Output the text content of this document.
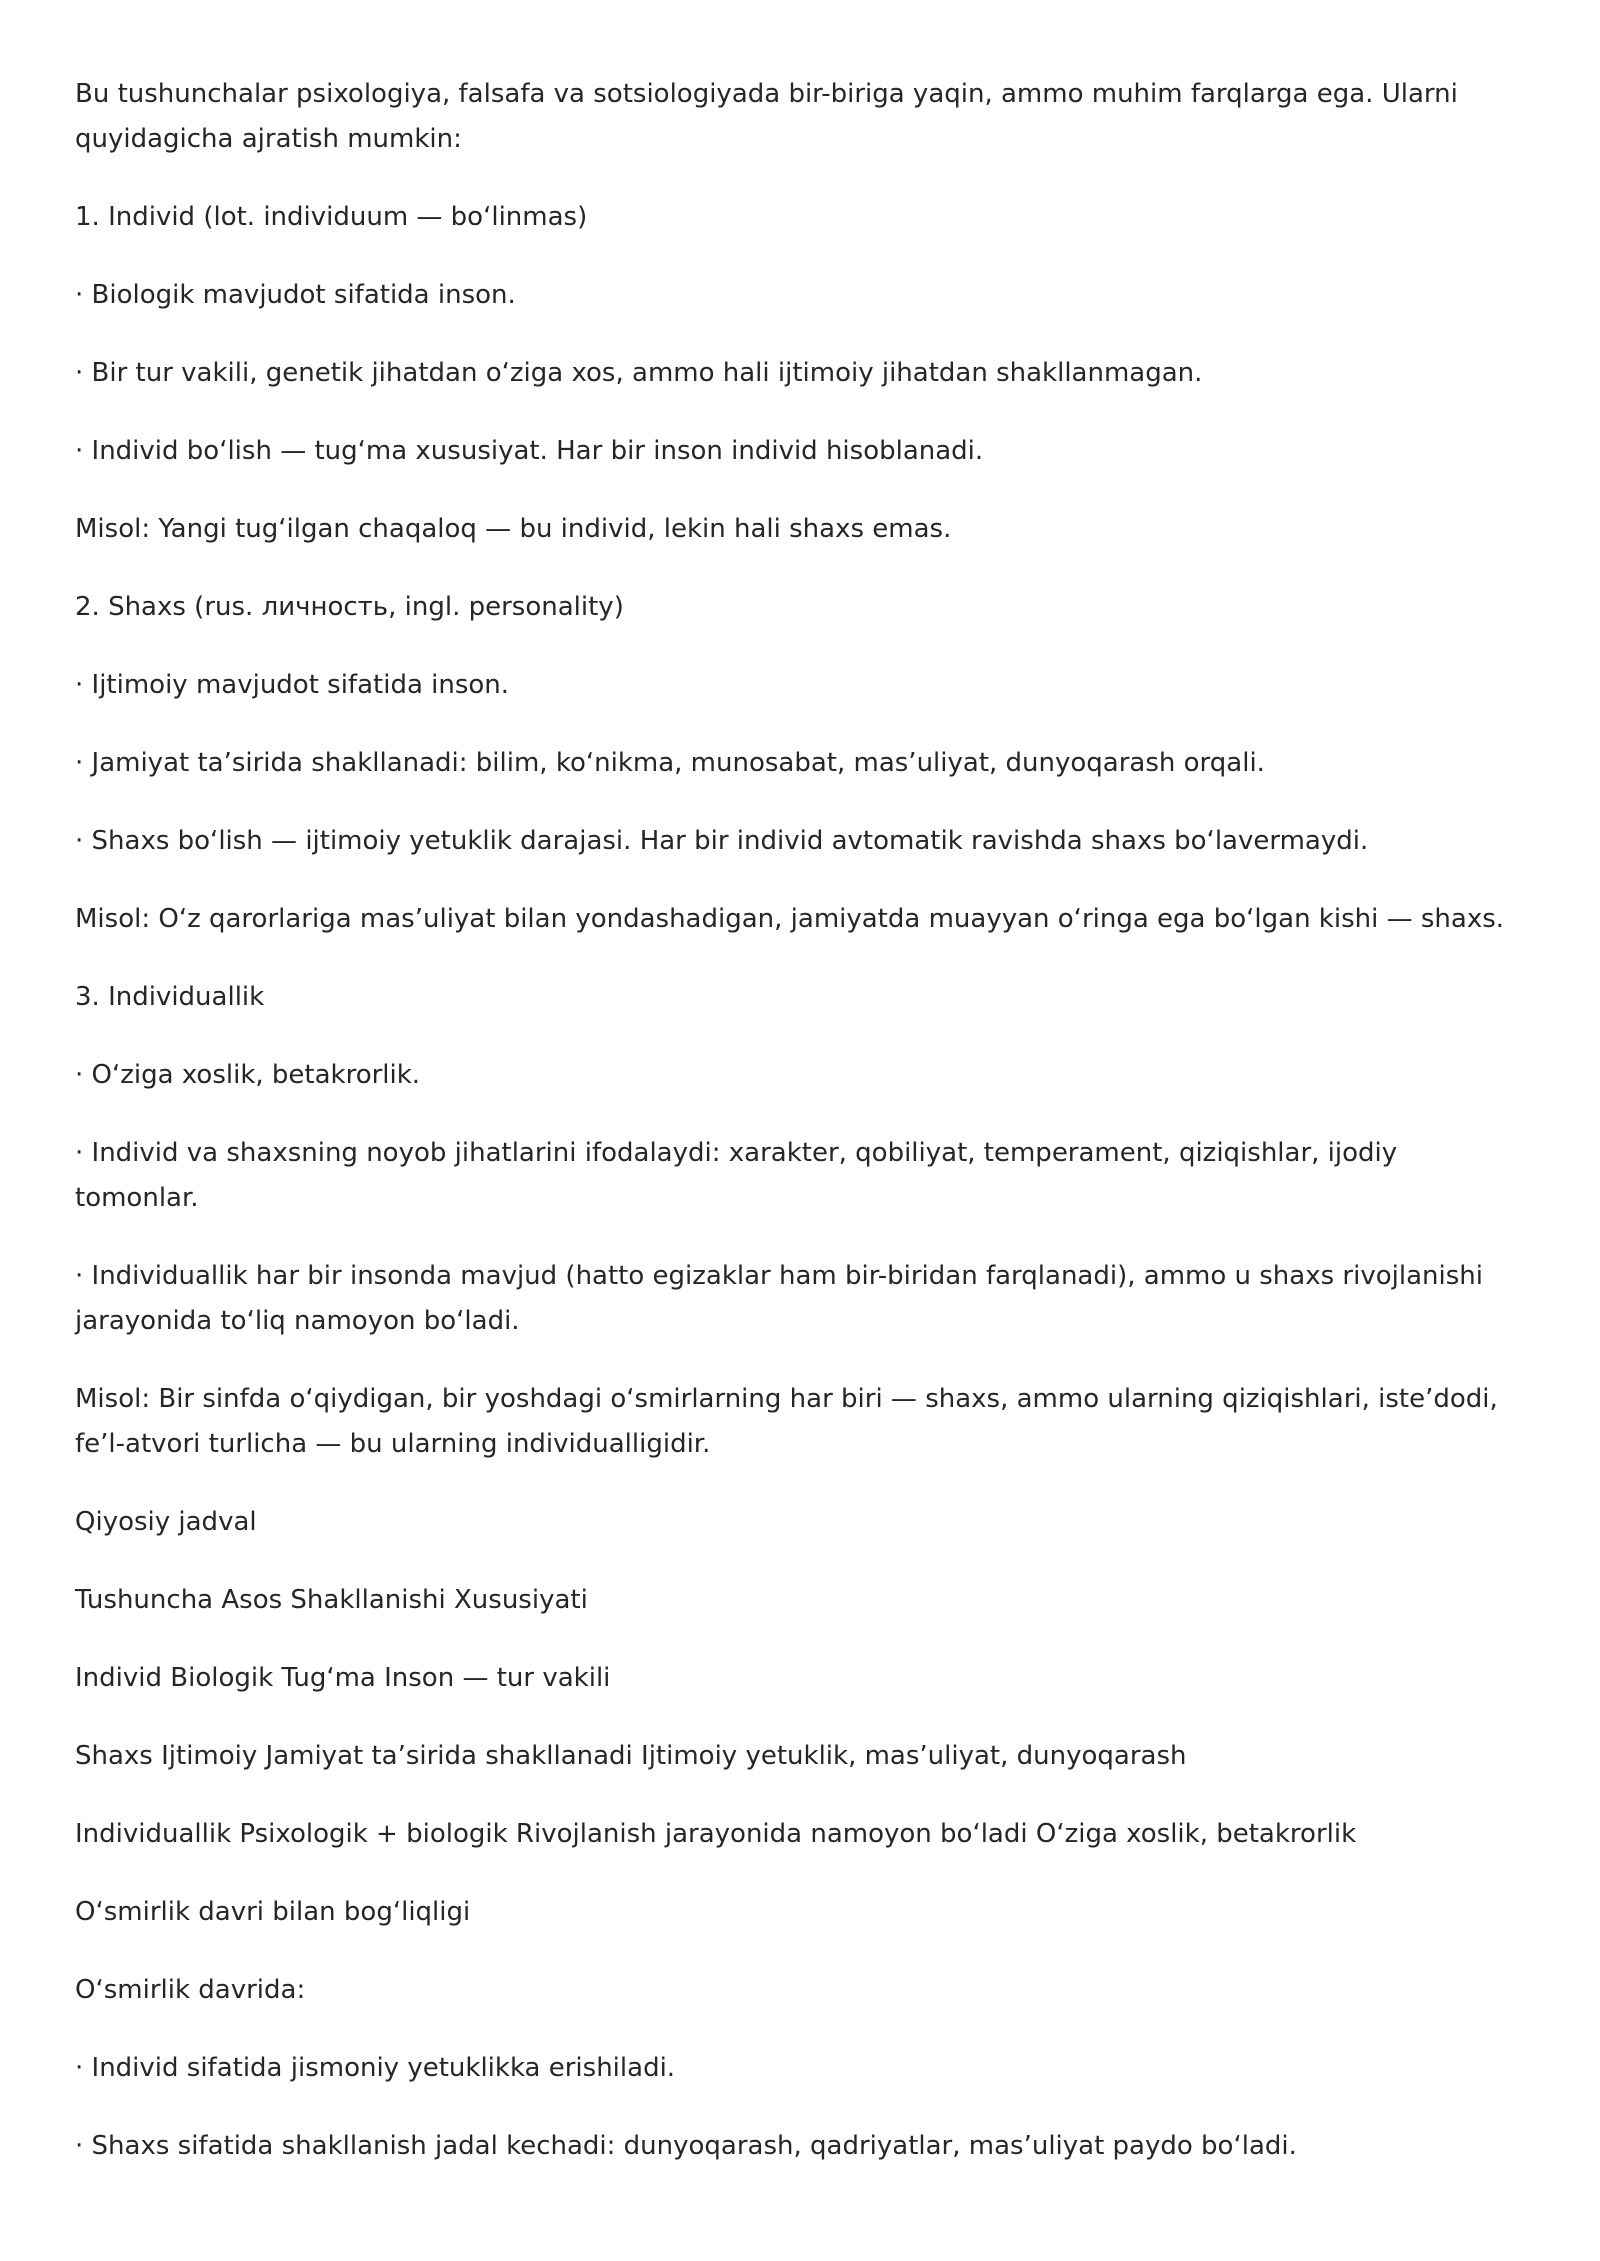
Bu tushunchalar psixologiya, falsafa va sotsiologiyada bir-biriga yaqin, ammo muhim farqlarga ega. Ularni quyidagicha ajratish mumkin:

1. Individ (lot. individuum — bo‘linmas)

· Biologik mavjudot sifatida inson.

· Bir tur vakili, genetik jihatdan o‘ziga xos, ammo hali ijtimoiy jihatdan shakllanmagan.

· Individ bo‘lish — tug‘ma xususiyat. Har bir inson individ hisoblanadi.

Misol: Yangi tug‘ilgan chaqaloq — bu individ, lekin hali shaxs emas.

2. Shaxs (rus. личность, ingl. personality)

· Ijtimoiy mavjudot sifatida inson.

· Jamiyat ta’sirida shakllanadi: bilim, ko‘nikma, munosabat, mas’uliyat, dunyoqarash orqali.

· Shaxs bo‘lish — ijtimoiy yetuklik darajasi. Har bir individ avtomatik ravishda shaxs bo‘lavermaydi.

Misol: O‘z qarorlariga mas’uliyat bilan yondashadigan, jamiyatda muayyan o‘ringa ega bo‘lgan kishi — shaxs.

3. Individuallik

· O‘ziga xoslik, betakrorlik.

· Individ va shaxsning noyob jihatlarini ifodalaydi: xarakter, qobiliyat, temperament, qiziqishlar, ijodiy tomonlar.

· Individuallik har bir insonda mavjud (hatto egizaklar ham bir-biridan farqlanadi), ammo u shaxs rivojlanishi jarayonida to‘liq namoyon bo‘ladi.

Misol: Bir sinfda o‘qiydigan, bir yoshdagi o‘smirlarning har biri — shaxs, ammo ularning qiziqishlari, iste’dodi, fe’l-atvori turlicha — bu ularning individualligidir.

Qiyosiy jadval

Tushuncha Asos Shakllanishi Xususiyati

Individ Biologik Tug‘ma Inson — tur vakili

Shaxs Ijtimoiy Jamiyat ta’sirida shakllanadi Ijtimoiy yetuklik, mas’uliyat, dunyoqarash

Individuallik Psixologik + biologik Rivojlanish jarayonida namoyon bo‘ladi O‘ziga xoslik, betakrorlik

O‘smirlik davri bilan bog‘liqligi

O‘smirlik davrida:

· Individ sifatida jismoniy yetuklikka erishiladi.

· Shaxs sifatida shakllanish jadal kechadi: dunyoqarash, qadriyatlar, mas’uliyat paydo bo‘ladi.
